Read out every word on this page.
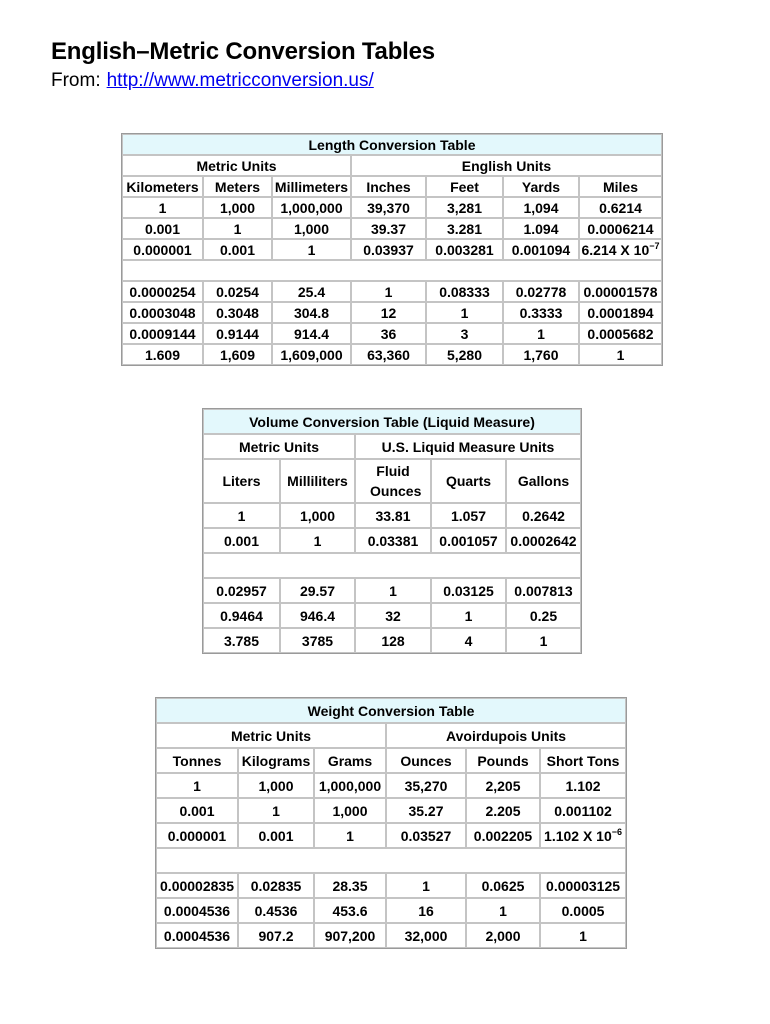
English–Metric Conversion Tables
From: http://www.metricconversion.us/
Length Conversion Table						
Metric Units			English Units			
Kilometers	Meters	Millimeters	Inches	Feet	Yards	Miles
1	1,000	1,000,000	39,370	3,281	1,094	0.6214
0.001	1	1,000	39.37	3.281	1.094	0.0006214
0.000001	0.001	1	0.03937	0.003281	0.001094	6.214 X $10^{-7}$

0.0000254	0.0254	25.4	1	0.08333	0.02778	0.00001578
0.0003048	0.3048	304.8	12	1	0.3333	0.0001894
0.0009144	0.9144	914.4	36	3	1	0.0005682
1.609	1,609	1,609,000	63,360	5,280	1,760	1
Volume Conversion Table (Liquid Measure)				
Metric Units		U.S. Liquid Measure Units		
Liters	Milliliters	Fluid Ounces	Quarts	Gallons
1	1,000	33.81	1.057	0.2642
0.001	1	0.03381	0.001057	0.0002642

0.02957	29.57	1	0.03125	0.007813
0.9464	946.4	32	1	0.25
3.785	3785	128	4	1
Weight Conversion Table					
Metric Units			Avoirdupois Units		
Tonnes	Kilograms	Grams	Ounces	Pounds	Short Tons
1	1,000	1,000,000	35,270	2,205	1.102
0.001	1	1,000	35.27	2.205	0.001102
0.000001	0.001	1	0.03527	0.002205	1.102 X $10^{-6}$

0.00002835	0.02835	28.35	1	0.0625	0.00003125
0.0004536	0.4536	453.6	16	1	0.0005
0.0004536	907.2	907,200	32,000	2,000	1
